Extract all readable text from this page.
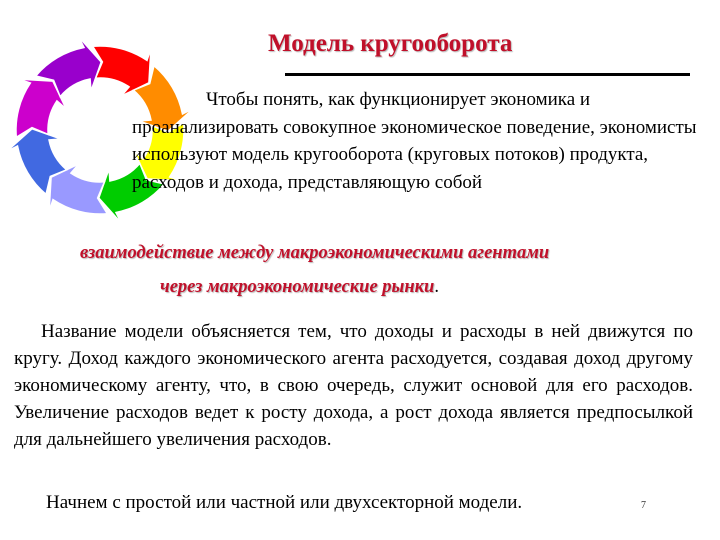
Модель кругооборота
Чтобы понять, как функционирует экономика и проанализировать совокупное экономическое поведение, экономисты используют модель кругооборота (круговых потоков) продукта, расходов и дохода, представляющую собой
взаимодействие между макроэкономическими агентами
через макроэкономические рынки.
Название модели объясняется тем, что доходы и расходы в ней движутся по кругу. Доход каждого экономического агента расходуется, создавая доход другому экономическому агенту, что, в свою очередь, служит основой для его расходов. Увеличение расходов ведет к росту дохода, а рост дохода является предпосылкой для дальнейшего увеличения расходов.
Начнем с простой или частной или двухсекторной модели.	7
